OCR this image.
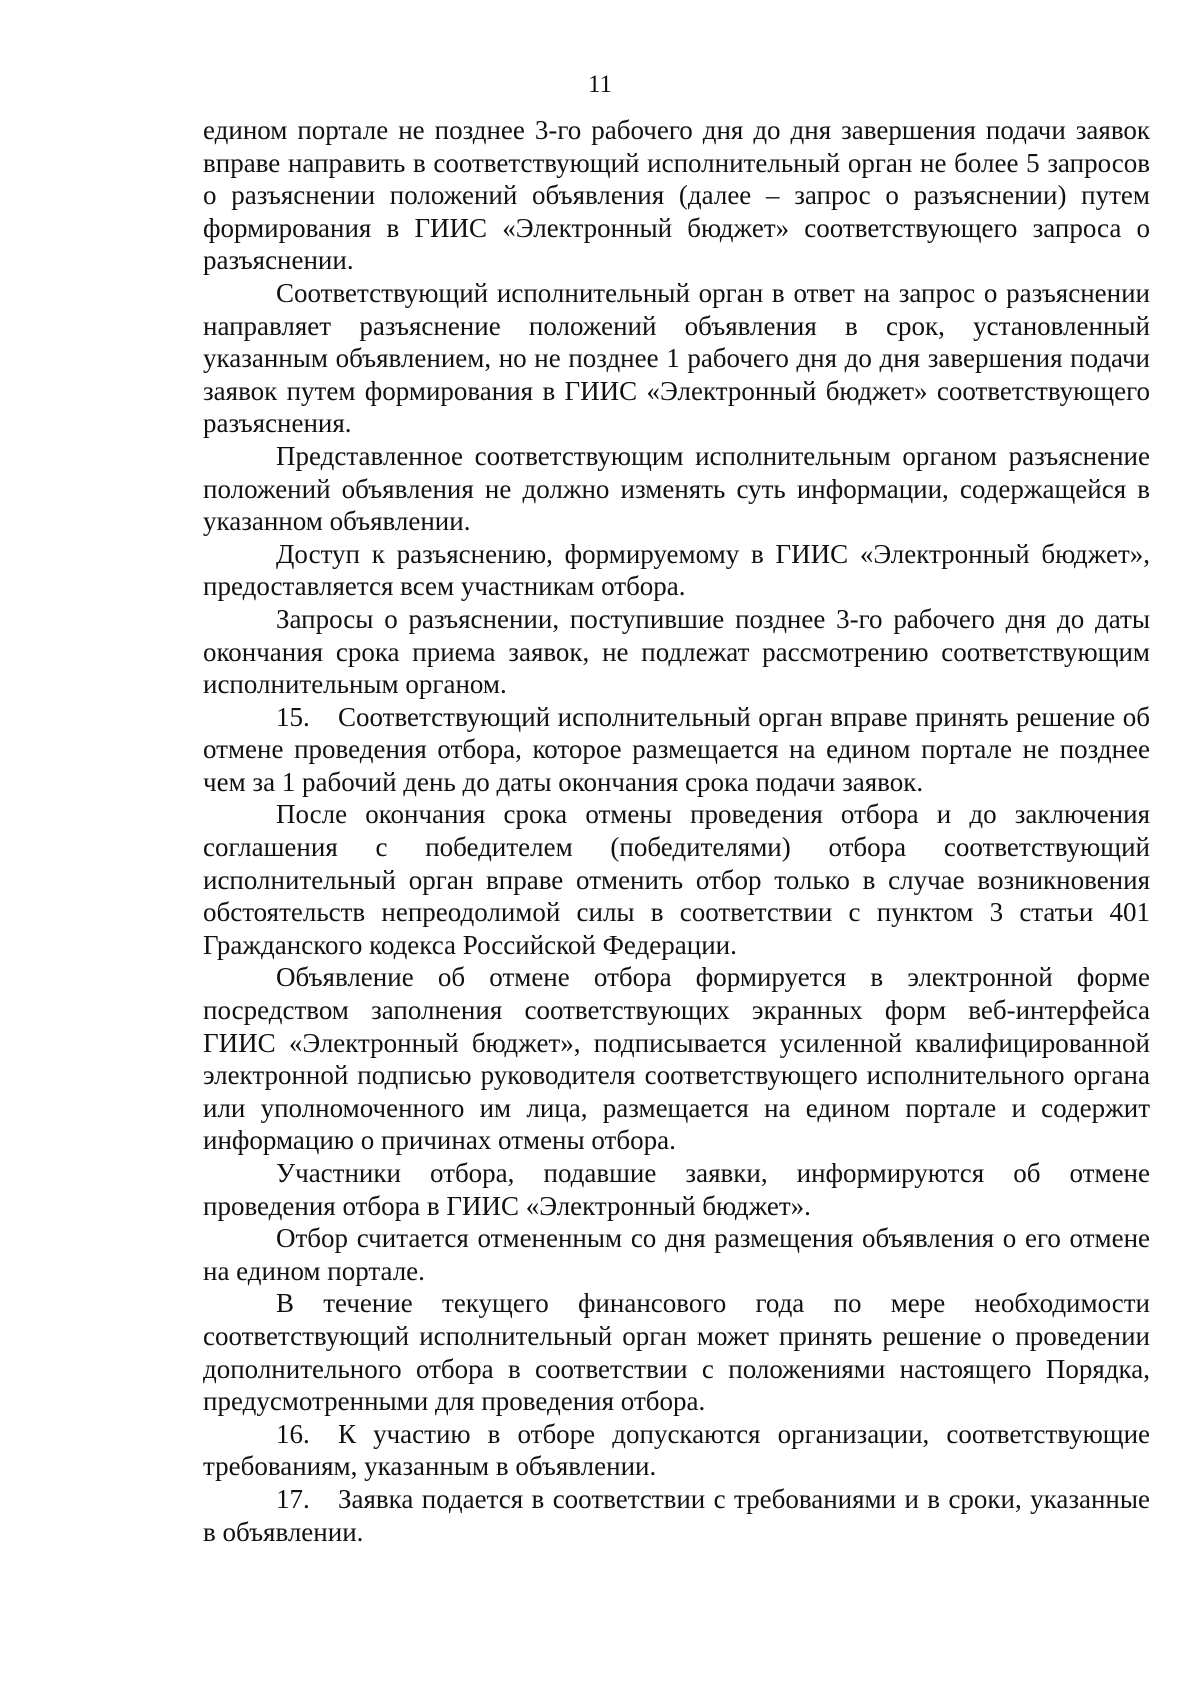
11

едином портале не позднее 3-го рабочего дня до дня завершения подачи заявок вправе направить в соответствующий исполнительный орган не более 5 запросов о разъяснении положений объявления (далее – запрос о разъяснении) путем формирования в ГИИС «Электронный бюджет» соответствующего запроса о разъяснении.

Соответствующий исполнительный орган в ответ на запрос о разъяснении направляет разъяснение положений объявления в срок, установленный указанным объявлением, но не позднее 1 рабочего дня до дня завершения подачи заявок путем формирования в ГИИС «Электронный бюджет» соответствующего разъяснения.

Представленное соответствующим исполнительным органом разъяснение положений объявления не должно изменять суть информации, содержащейся в указанном объявлении.

Доступ к разъяснению, формируемому в ГИИС «Электронный бюджет», предоставляется всем участникам отбора.

Запросы о разъяснении, поступившие позднее 3-го рабочего дня до даты окончания срока приема заявок, не подлежат рассмотрению соответствующим исполнительным органом.

15. Соответствующий исполнительный орган вправе принять решение об отмене проведения отбора, которое размещается на едином портале не позднее чем за 1 рабочий день до даты окончания срока подачи заявок.

После окончания срока отмены проведения отбора и до заключения соглашения с победителем (победителями) отбора соответствующий исполнительный орган вправе отменить отбор только в случае возникновения обстоятельств непреодолимой силы в соответствии с пунктом 3 статьи 401 Гражданского кодекса Российской Федерации.

Объявление об отмене отбора формируется в электронной форме посредством заполнения соответствующих экранных форм веб-интерфейса ГИИС «Электронный бюджет», подписывается усиленной квалифицированной электронной подписью руководителя соответствующего исполнительного органа или уполномоченного им лица, размещается на едином портале и содержит информацию о причинах отмены отбора.

Участники отбора, подавшие заявки, информируются об отмене проведения отбора в ГИИС «Электронный бюджет».

Отбор считается отмененным со дня размещения объявления о его отмене на едином портале.

В течение текущего финансового года по мере необходимости соответствующий исполнительный орган может принять решение о проведении дополнительного отбора в соответствии с положениями настоящего Порядка, предусмотренными для проведения отбора.

16. К участию в отборе допускаются организации, соответствующие требованиям, указанным в объявлении.

17. Заявка подается в соответствии с требованиями и в сроки, указанные в объявлении.
